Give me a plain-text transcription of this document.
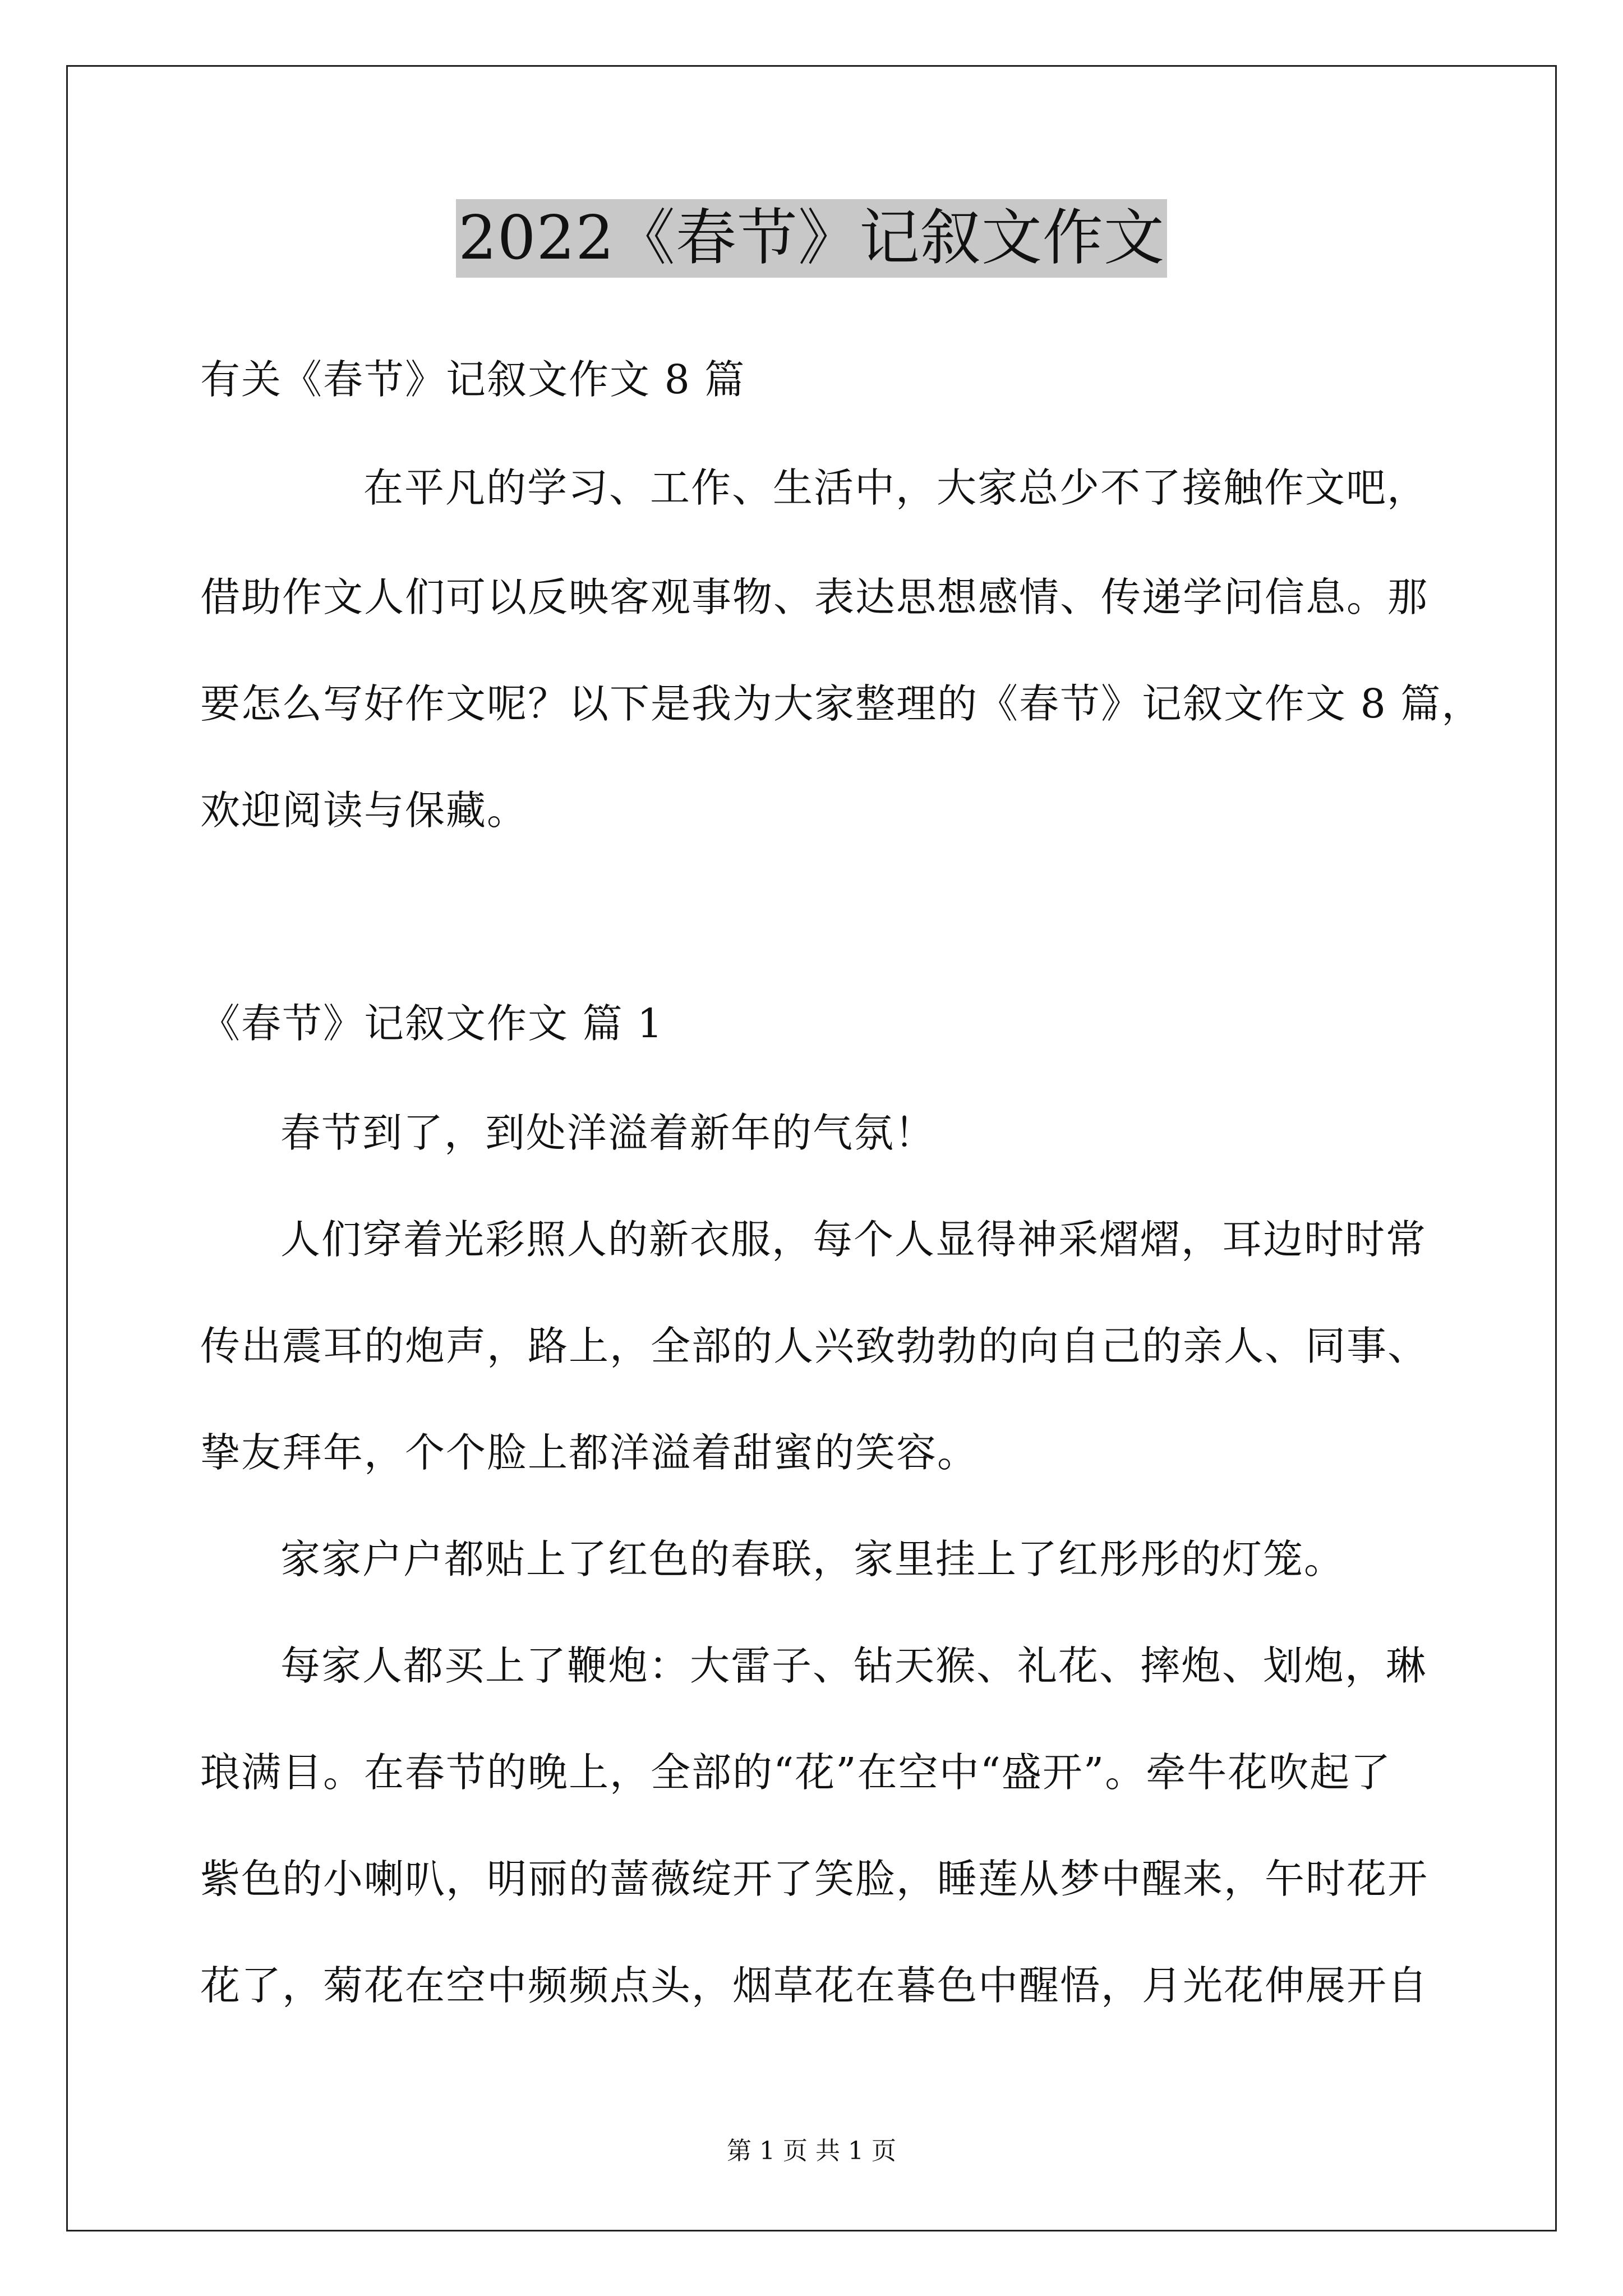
2022《春节》记叙文作文
有关《春节》记叙文作文 8 篇
在平凡的学习、工作、生活中，大家总少不了接触作文吧，
借助作文人们可以反映客观事物、表达思想感情、传递学问信息。那
要怎么写好作文呢？以下是我为大家整理的《春节》记叙文作文 8 篇，
欢迎阅读与保藏。
《春节》记叙文作文 篇 1
春节到了，到处洋溢着新年的气氛！
人们穿着光彩照人的新衣服，每个人显得神采熠熠，耳边时时常
传出震耳的炮声，路上，全部的人兴致勃勃的向自己的亲人、同事、
挚友拜年，个个脸上都洋溢着甜蜜的笑容。
家家户户都贴上了红色的春联，家里挂上了红彤彤的灯笼。
每家人都买上了鞭炮：大雷子、钻天猴、礼花、摔炮、划炮，琳
琅满目。在春节的晚上，全部的“花”在空中“盛开”。牵牛花吹起了
紫色的小喇叭，明丽的蔷薇绽开了笑脸，睡莲从梦中醒来，午时花开
花了，菊花在空中频频点头，烟草花在暮色中醒悟，月光花伸展开自
第 1 页 共 1 页
